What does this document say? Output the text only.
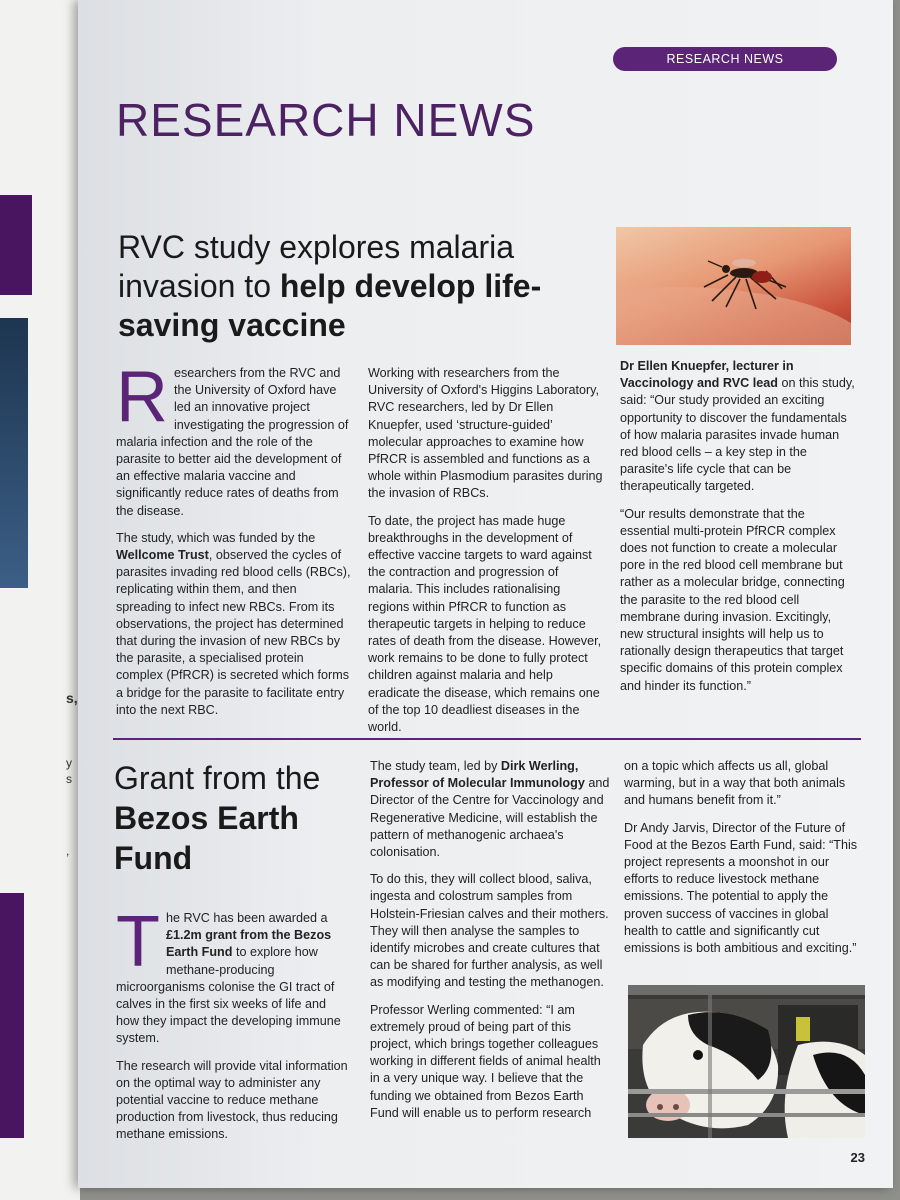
s,
y
s
,
RESEARCH NEWS
RESEARCH NEWS
RVC study explores malaria invasion to help develop life-saving vaccine

Researchers from the RVC and the University of Oxford have led an innovative project investigating the progression of malaria infection and the role of the parasite to better aid the development of an effective malaria vaccine and significantly reduce rates of deaths from the disease.

The study, which was funded by the Wellcome Trust, observed the cycles of parasites invading red blood cells (RBCs), replicating within them, and then spreading to infect new RBCs. From its observations, the project has determined that during the invasion of new RBCs by the parasite, a specialised protein complex (PfRCR) is secreted which forms a bridge for the parasite to facilitate entry into the next RBC.

Working with researchers from the University of Oxford's Higgins Laboratory, RVC researchers, led by Dr Ellen Knuepfer, used ‘structure-guided’ molecular approaches to examine how PfRCR is assembled and functions as a whole within Plasmodium parasites during the invasion of RBCs.

To date, the project has made huge breakthroughs in the development of effective vaccine targets to ward against the contraction and progression of malaria. This includes rationalising regions within PfRCR to function as therapeutic targets in helping to reduce rates of death from the disease. However, work remains to be done to fully protect children against malaria and help eradicate the disease, which remains one of the top 10 deadliest diseases in the world.

Dr Ellen Knuepfer, lecturer in Vaccinology and RVC lead on this study, said: “Our study provided an exciting opportunity to discover the fundamentals of how malaria parasites invade human red blood cells – a key step in the parasite's life cycle that can be therapeutically targeted.

“Our results demonstrate that the essential multi-protein PfRCR complex does not function to create a molecular pore in the red blood cell membrane but rather as a molecular bridge, connecting the parasite to the red blood cell membrane during invasion. Excitingly, new structural insights will help us to rationally design therapeutics that target specific domains of this protein complex and hinder its function.”

Grant from the Bezos Earth Fund

The RVC has been awarded a £1.2m grant from the Bezos Earth Fund to explore how methane-producing microorganisms colonise the GI tract of calves in the first six weeks of life and how they impact the developing immune system.

The research will provide vital information on the optimal way to administer any potential vaccine to reduce methane production from livestock, thus reducing methane emissions.

The study team, led by Dirk Werling, Professor of Molecular Immunology and Director of the Centre for Vaccinology and Regenerative Medicine, will establish the pattern of methanogenic archaea's colonisation.

To do this, they will collect blood, saliva, ingesta and colostrum samples from Holstein-Friesian calves and their mothers. They will then analyse the samples to identify microbes and create cultures that can be shared for further analysis, as well as modifying and testing the methanogen.

Professor Werling commented: “I am extremely proud of being part of this project, which brings together colleagues working in different fields of animal health in a very unique way. I believe that the funding we obtained from Bezos Earth Fund will enable us to perform research

on a topic which affects us all, global warming, but in a way that both animals and humans benefit from it.”

Dr Andy Jarvis, Director of the Future of Food at the Bezos Earth Fund, said: “This project represents a moonshot in our efforts to reduce livestock methane emissions. The potential to apply the proven success of vaccines in global health to cattle and significantly cut emissions is both ambitious and exciting.”

23
